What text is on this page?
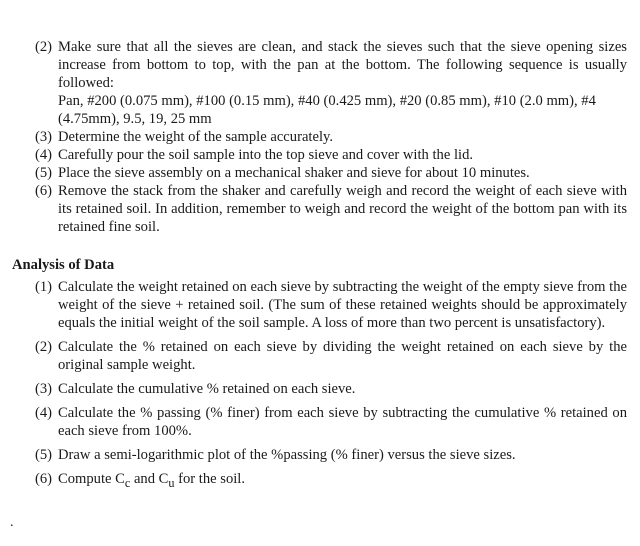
(2) Make sure that all the sieves are clean, and stack the sieves such that the sieve opening sizes increase from bottom to top, with the pan at the bottom. The following sequence is usually followed:
Pan, #200 (0.075 mm), #100 (0.15 mm), #40 (0.425 mm), #20 (0.85 mm), #10 (2.0 mm), #4 (4.75mm), 9.5, 19, 25 mm
(3) Determine the weight of the sample accurately.
(4) Carefully pour the soil sample into the top sieve and cover with the lid.
(5) Place the sieve assembly on a mechanical shaker and sieve for about 10 minutes.
(6) Remove the stack from the shaker and carefully weigh and record the weight of each sieve with its retained soil. In addition, remember to weigh and record the weight of the bottom pan with its retained fine soil.
Analysis of Data
(1) Calculate the weight retained on each sieve by subtracting the weight of the empty sieve from the weight of the sieve + retained soil. (The sum of these retained weights should be approximately equals the initial weight of the soil sample. A loss of more than two percent is unsatisfactory).
(2) Calculate the % retained on each sieve by dividing the weight retained on each sieve by the original sample weight.
(3) Calculate the cumulative % retained on each sieve.
(4) Calculate the % passing (% finer) from each sieve by subtracting the cumulative % retained on each sieve from 100%.
(5) Draw a semi-logarithmic plot of the %passing (% finer) versus the sieve sizes.
(6) Compute $C_c$ and $C_u$ for the soil.
.
